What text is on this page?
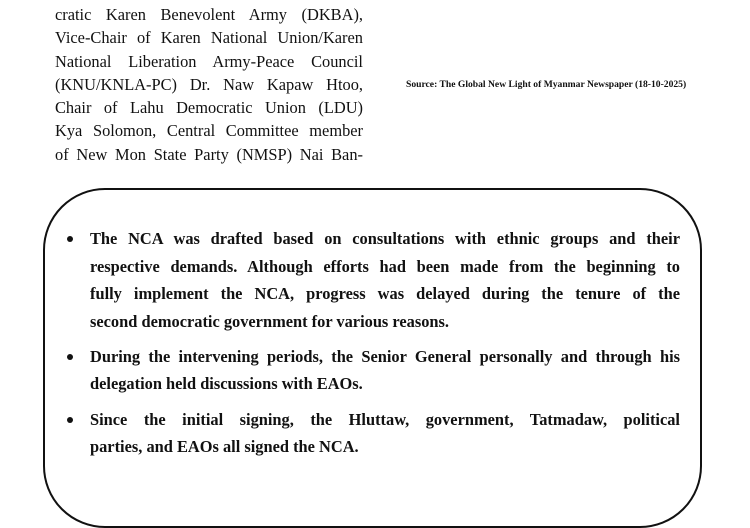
cratic Karen Benevolent Army (DKBA),
Vice-Chair of Karen National Union/Karen
National Liberation Army-Peace Council
(KNU/KNLA-PC) Dr. Naw Kapaw Htoo,
Chair of Lahu Democratic Union (LDU)
Kya Solomon, Central Committee member
of New Mon State Party (NMSP) Nai Ban-
Source: The Global New Light of Myanmar Newspaper (18-10-2025)
The NCA was drafted based on consultations with ethnic groups and their
respective demands. Although efforts had been made from the beginning to
fully implement the NCA, progress was delayed during the tenure of the
second democratic government for various reasons.
During the intervening periods, the Senior General personally and through his
delegation held discussions with EAOs.
Since the initial signing, the Hluttaw, government, Tatmadaw, political
parties, and EAOs all signed the NCA.
